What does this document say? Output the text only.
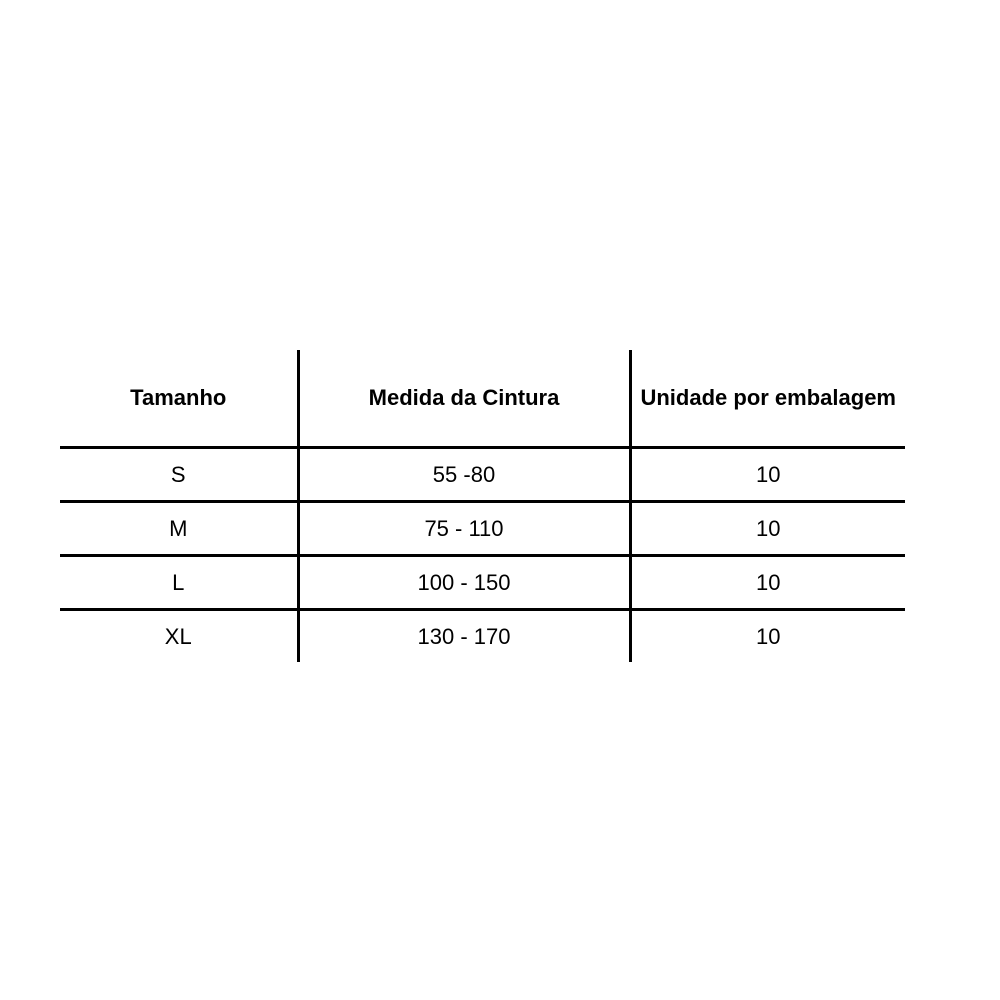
Tamanho	Medida da Cintura	Unidade por embalagem
S	55 -80	10
M	75 - 110	10
L	100 - 150	10
XL	130 - 170	10
